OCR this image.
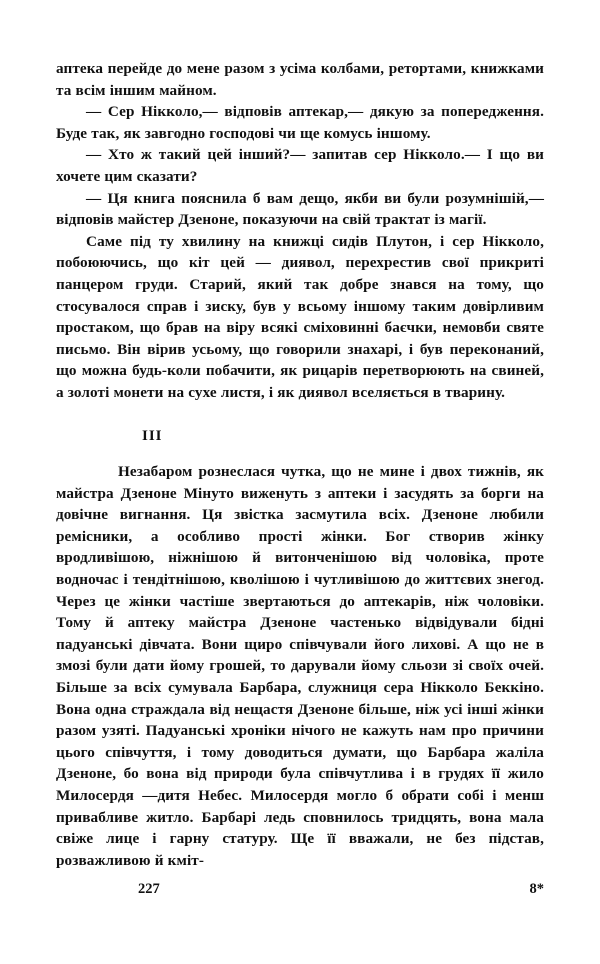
аптека перейде до мене разом з усіма колбами, ретортами, книжками та всім іншим майном.

— Сер Нікколо,— відповів аптекар,— дякую за попередження. Буде так, як завгодно господові чи ще комусь іншому.

— Хто ж такий цей інший?— запитав сер Нікколо.— І що ви хочете цим сказати?

— Ця книга пояснила б вам дещо, якби ви були розумнішій,— відповів майстер Дзеноне, показуючи на свій трактат із магії.

Саме під ту хвилину на книжці сидів Плутон, і сер Нікколо, побоюючись, що кіт цей — диявол, перехрестив свої прикриті панцером груди. Старий, який так добре знався на тому, що стосувалося справ і зиску, був у всьому іншому таким довірливим простаком, що брав на віру всякі сміховинні баєчки, немовби святе письмо. Він вірив усьому, що говорили знахарі, і був переконаний, що можна будь-коли побачити, як рицарів перетворюють на свиней, а золоті монети на сухе листя, і як диявол вселяється в тварину.

III

Незабаром рознеслася чутка, що не мине і двох тижнів, як майстра Дзеноне Мінуто виженуть з аптеки і засудять за борги на довічне вигнання. Ця звістка засмутила всіх. Дзеноне любили ремісники, а особливо прості жінки. Бог створив жінку вродливішою, ніжнішою й витонченішою від чоловіка, проте водночас і тендітнішою, кволішою і чутливішою до життєвих знегод. Через це жінки частіше звертаються до аптекарів, ніж чоловіки. Тому й аптеку майстра Дзеноне частенько відвідували бідні падуанські дівчата. Вони щиро співчували його лихові. А що не в змозі були дати йому грошей, то дарували йому сльози зі своїх очей. Більше за всіх сумувала Барбара, служниця сера Нікколо Беккіно. Вона одна страждала від нещастя Дзеноне більше, ніж усі інші жінки разом узяті. Падуанські хроніки нічого не кажуть нам про причини цього співчуття, і тому доводиться думати, що Барбара жаліла Дзеноне, бо вона від природи була співчутлива і в грудях її жило Милосердя —дитя Небес. Милосердя могло б обрати собі і менш привабливе житло. Барбарі ледь сповнилось тридцять, вона мала свіже лице і гарну статуру. Ще її вважали, не без підстав, розважливою й кміт-

227	8*
